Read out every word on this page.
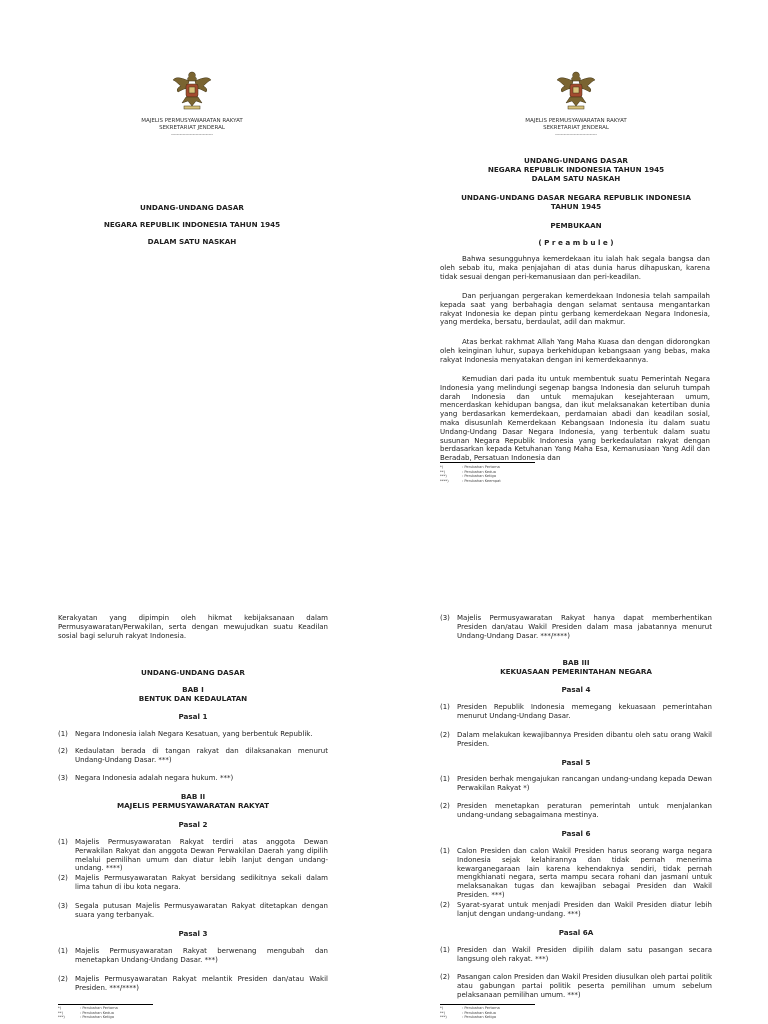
MAJELIS PERMUSYAWARATAN RAKYAT
SEKRETARIAT JENDERAL
-----------------------------
UNDANG-UNDANG DASAR
NEGARA REPUBLIK INDONESIA TAHUN 1945
DALAM SATU NASKAH
MAJELIS PERMUSYAWARATAN RAKYAT
SEKRETARIAT JENDERAL
-----------------------------
UNDANG-UNDANG DASAR
NEGARA REPUBLIK INDONESIA TAHUN 1945
DALAM SATU NASKAH
UNDANG-UNDANG DASAR NEGARA REPUBLIK INDONESIA
TAHUN 1945
PEMBUKAAN
( P r e a m b u l e )
Bahwa sesungguhnya kemerdekaan itu ialah hak segala bangsa dan oleh sebab itu, maka penjajahan di atas dunia harus dihapuskan, karena tidak sesuai dengan peri-kemanusiaan dan peri-keadilan.
Dan perjuangan pergerakan kemerdekaan Indonesia telah sampailah kepada saat yang berbahagia dengan selamat sentausa mengantarkan rakyat Indonesia ke depan pintu gerbang kemerdekaan Negara Indonesia, yang merdeka, bersatu, berdaulat, adil dan makmur.
Atas berkat rakhmat Allah Yang Maha Kuasa dan dengan didorongkan oleh keinginan luhur, supaya berkehidupan kebangsaan yang bebas, maka rakyat Indonesia menyatakan dengan ini kemerdekaannya.
Kemudian dari pada itu untuk membentuk suatu Pemerintah Negara Indonesia yang melindungi segenap bangsa Indonesia dan seluruh tumpah darah Indonesia dan untuk memajukan kesejahteraan umum, mencerdaskan kehidupan bangsa, dan ikut melaksanakan ketertiban dunia yang berdasarkan kemerdekaan, perdamaian abadi dan keadilan sosial, maka disusunlah Kemerdekaan Kebangsaan Indonesia itu dalam suatu Undang-Undang Dasar Negara Indonesia, yang terbentuk dalam suatu susunan Negara Republik Indonesia yang berkedaulatan rakyat dengan berdasarkan kepada Ketuhanan Yang Maha Esa, Kemanusiaan Yang Adil dan Beradab, Persatuan Indonesia dan
*)	: Perubahan Pertama
**)	: Perubahan Kedua
***)	: Perubahan Ketiga
****)	: Perubahan Keempat
Kerakyatan yang dipimpin oleh hikmat kebijaksanaan dalam Permusyawaratan/Perwakilan, serta dengan mewujudkan suatu Keadilan sosial bagi seluruh rakyat Indonesia.
UNDANG-UNDANG DASAR
BAB I
BENTUK DAN KEDAULATAN
Pasal 1
(1) Negara Indonesia ialah Negara Kesatuan, yang berbentuk Republik.
(2) Kedaulatan berada di tangan rakyat dan dilaksanakan menurut Undang-Undang Dasar. ***)
(3) Negara Indonesia adalah negara hukum. ***)
BAB II
MAJELIS PERMUSYAWARATAN RAKYAT
Pasal 2
(1) Majelis Permusyawaratan Rakyat terdiri atas anggota Dewan Perwakilan Rakyat dan anggota Dewan Perwakilan Daerah yang dipilih melalui pemilihan umum dan diatur lebih lanjut dengan undang-undang. ****)
(2) Majelis Permusyawaratan Rakyat bersidang sedikitnya sekali dalam lima tahun di ibu kota negara.
(3) Segala putusan Majelis Permusyawaratan Rakyat ditetapkan dengan suara yang terbanyak.
Pasal 3
(1) Majelis Permusyawaratan Rakyat berwenang mengubah dan menetapkan Undang-Undang Dasar. ***)
(2) Majelis Permusyawaratan Rakyat melantik Presiden dan/atau Wakil Presiden. ***/****)
*)	: Perubahan Pertama
**)	: Perubahan Kedua
***)	: Perubahan Ketiga
(3) Majelis Permusyawaratan Rakyat hanya dapat memberhentikan Presiden dan/atau Wakil Presiden dalam masa jabatannya menurut Undang-Undang Dasar. ***/****)
BAB III
KEKUASAAN PEMERINTAHAN NEGARA
Pasal 4
(1) Presiden Republik Indonesia memegang kekuasaan pemerintahan menurut Undang-Undang Dasar.
(2) Dalam melakukan kewajibannya Presiden dibantu oleh satu orang Wakil Presiden.
Pasal 5
(1) Presiden berhak mengajukan rancangan undang-undang kepada Dewan Perwakilan Rakyat *)
(2) Presiden menetapkan peraturan pemerintah untuk menjalankan undang-undang sebagaimana mestinya.
Pasal 6
(1) Calon Presiden dan calon Wakil Presiden harus seorang warga negara Indonesia sejak kelahirannya dan tidak pernah menerima kewarganegaraan lain karena kehendaknya sendiri, tidak pernah mengkhianati negara, serta mampu secara rohani dan jasmani untuk melaksanakan tugas dan kewajiban sebagai Presiden dan Wakil Presiden. ***)
(2) Syarat-syarat untuk menjadi Presiden dan Wakil Presiden diatur lebih lanjut dengan undang-undang. ***)
Pasal 6A
(1) Presiden dan Wakil Presiden dipilih dalam satu pasangan secara langsung oleh rakyat. ***)
(2) Pasangan calon Presiden dan Wakil Presiden diusulkan oleh partai politik atau gabungan partai politik peserta pemilihan umum sebelum pelaksanaan pemilihan umum. ***)
*)	: Perubahan Pertama
**)	: Perubahan Kedua
***)	: Perubahan Ketiga
